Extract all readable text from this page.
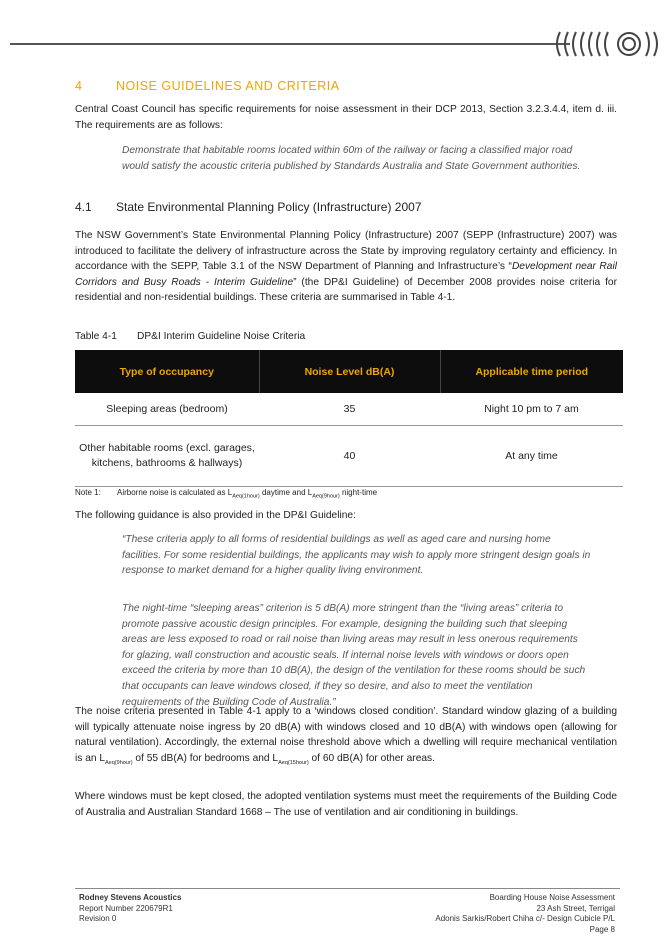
4	NOISE GUIDELINES AND CRITERIA
Central Coast Council has specific requirements for noise assessment in their DCP 2013, Section 3.2.3.4.4, item d. iii. The requirements are as follows:
Demonstrate that habitable rooms located within 60m of the railway or facing a classified major road would satisfy the acoustic criteria published by Standards Australia and State Government authorities.
4.1 State Environmental Planning Policy (Infrastructure) 2007
The NSW Government’s State Environmental Planning Policy (Infrastructure) 2007 (SEPP (Infrastructure) 2007) was introduced to facilitate the delivery of infrastructure across the State by improving regulatory certainty and efficiency. In accordance with the SEPP, Table 3.1 of the NSW Department of Planning and Infrastructure’s “Development near Rail Corridors and Busy Roads - Interim Guideline” (the DP&I Guideline) of December 2008 provides noise criteria for residential and non-residential buildings. These criteria are summarised in Table 4-1.
Table 4-1 DP&I Interim Guideline Noise Criteria
Type of occupancy	Noise Level dB(A)	Applicable time period
Sleeping areas (bedroom)	35	Night 10 pm to 7 am
Other habitable rooms (excl. garages, kitchens, bathrooms & hallways)	40	At any time
Note 1: Airborne noise is calculated as $L_{Aeq(1hour)}$ daytime and $L_{Aeq(9hour)}$ night-time
The following guidance is also provided in the DP&I Guideline:
“These criteria apply to all forms of residential buildings as well as aged care and nursing home facilities. For some residential buildings, the applicants may wish to apply more stringent design goals in response to market demand for a higher quality living environment.
The night-time “sleeping areas” criterion is 5 dB(A) more stringent than the “living areas” criteria to promote passive acoustic design principles. For example, designing the building such that sleeping areas are less exposed to road or rail noise than living areas may result in less onerous requirements for glazing, wall construction and acoustic seals. If internal noise levels with windows or doors open exceed the criteria by more than 10 dB(A), the design of the ventilation for these rooms should be such that occupants can leave windows closed, if they so desire, and also to meet the ventilation requirements of the Building Code of Australia.”
The noise criteria presented in Table 4-1 apply to a ‘windows closed condition’. Standard window glazing of a building will typically attenuate noise ingress by 20 dB(A) with windows closed and 10 dB(A) with windows open (allowing for natural ventilation). Accordingly, the external noise threshold above which a dwelling will require mechanical ventilation is an $L_{Aeq(9hour)}$ of 55 dB(A) for bedrooms and $L_{Aeq(15hour)}$ of 60 dB(A) for other areas.
Where windows must be kept closed, the adopted ventilation systems must meet the requirements of the Building Code of Australia and Australian Standard 1668 – The use of ventilation and air conditioning in buildings.
Rodney Stevens Acoustics
Report Number 220679R1
Revision 0
Boarding House Noise Assessment
23 Ash Street, Terrigal
Adonis Sarkis/Robert Chiha c/- Design Cubicle P/L
Page 8
